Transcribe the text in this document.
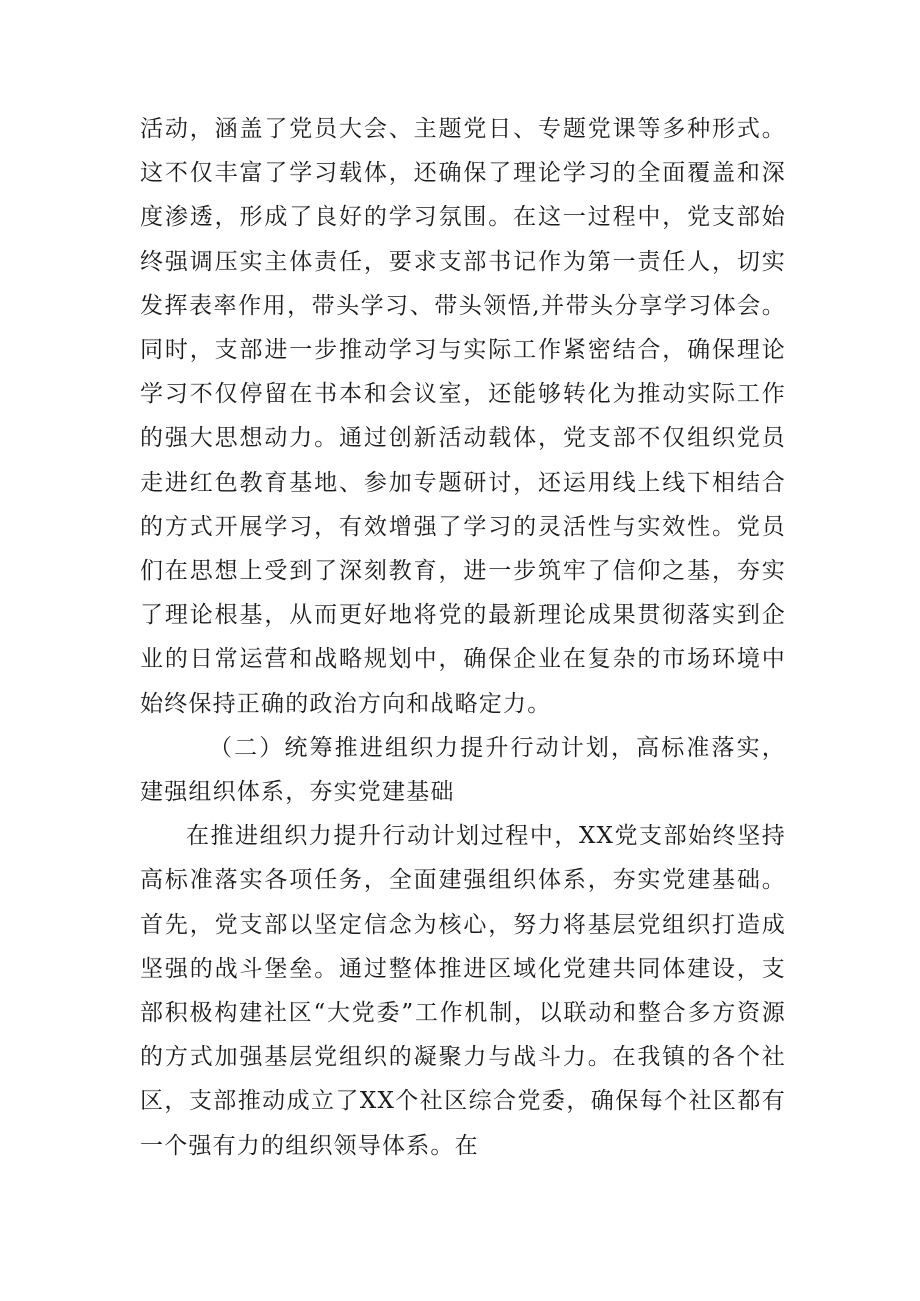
活动，涵盖了党员大会、主题党日、专题党课等多种形式。这不仅丰富了学习载体，还确保了理论学习的全面覆盖和深度渗透，形成了良好的学习氛围。在这一过程中，党支部始终强调压实主体责任，要求支部书记作为第一责任人，切实发挥表率作用，带头学习、带头领悟,并带头分享学习体会。同时，支部进一步推动学习与实际工作紧密结合，确保理论学习不仅停留在书本和会议室，还能够转化为推动实际工作的强大思想动力。通过创新活动载体，党支部不仅组织党员走进红色教育基地、参加专题研讨，还运用线上线下相结合的方式开展学习，有效增强了学习的灵活性与实效性。党员们在思想上受到了深刻教育，进一步筑牢了信仰之基，夯实了理论根基，从而更好地将党的最新理论成果贯彻落实到企业的日常运营和战略规划中，确保企业在复杂的市场环境中始终保持正确的政治方向和战略定力。

（二）统筹推进组织力提升行动计划，高标准落实，建强组织体系，夯实党建基础

在推进组织力提升行动计划过程中，XX党支部始终坚持高标准落实各项任务，全面建强组织体系，夯实党建基础。首先，党支部以坚定信念为核心，努力将基层党组织打造成坚强的战斗堡垒。通过整体推进区域化党建共同体建设，支部积极构建社区“大党委”工作机制，以联动和整合多方资源的方式加强基层党组织的凝聚力与战斗力。在我镇的各个社区，支部推动成立了XX个社区综合党委，确保每个社区都有一个强有力的组织领导体系。在
